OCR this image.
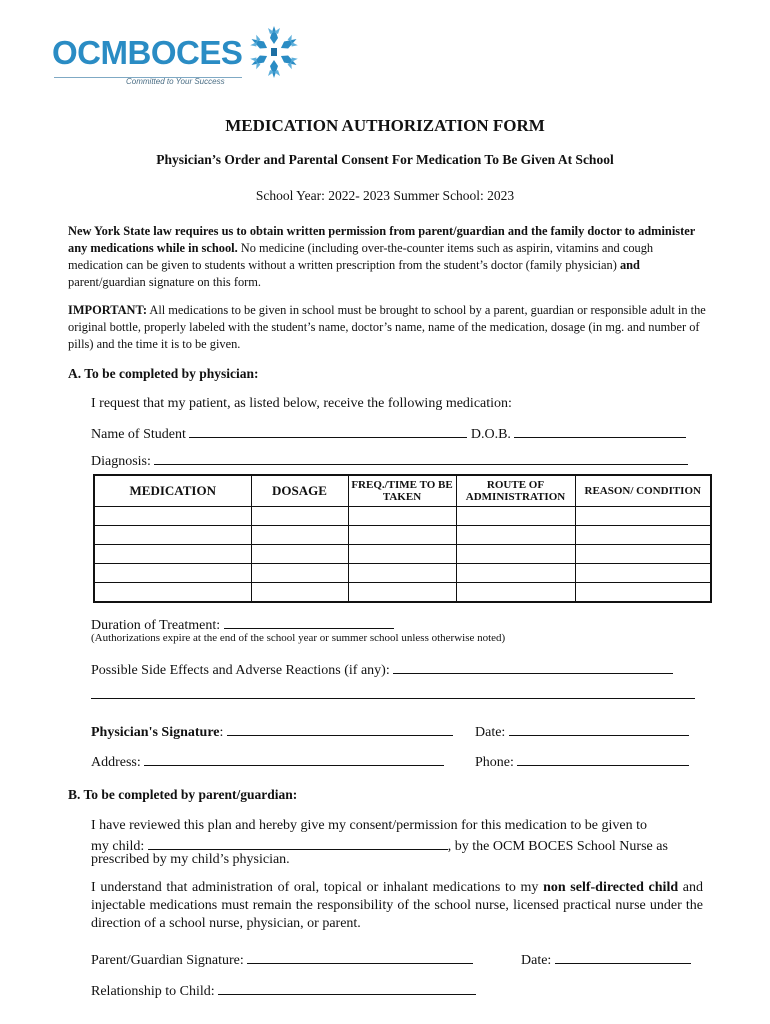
OCMBOCES
Committed to Your Success
MEDICATION AUTHORIZATION FORM
Physician’s Order and Parental Consent For Medication To Be Given At School
School Year: 2022- 2023 Summer School: 2023
New York State law requires us to obtain written permission from parent/guardian and the family doctor to administer any medications while in school. No medicine (including over-the-counter items such as aspirin, vitamins and cough medication can be given to students without a written prescription from the student’s doctor (family physician) and parent/guardian signature on this form.
IMPORTANT: All medications to be given in school must be brought to school by a parent, guardian or responsible adult in the original bottle, properly labeled with the student’s name, doctor’s name, name of the medication, dosage (in mg. and number of pills) and the time it is to be given.
A. To be completed by physician:
I request that my patient, as listed below, receive the following medication:
Name of Student	D.O.B.
Diagnosis:
MEDICATION	DOSAGE	FREQ./TIME TO BE TAKEN	ROUTE OF ADMINISTRATION	REASON/ CONDITION

Duration of Treatment:
(Authorizations expire at the end of the school year or summer school unless otherwise noted)
Possible Side Effects and Adverse Reactions (if any):
Physician's Signature:	Date:
Address:	Phone:
B. To be completed by parent/guardian:
I have reviewed this plan and hereby give my consent/permission for this medication to be given to
my child:	, by the OCM BOCES School Nurse as
prescribed by my child’s physician.
I understand that administration of oral, topical or inhalant medications to my non self-directed child and injectable medications must remain the responsibility of the school nurse, licensed practical nurse under the direction of a school nurse, physician, or parent.
Parent/Guardian Signature:	Date:
Relationship to Child:
